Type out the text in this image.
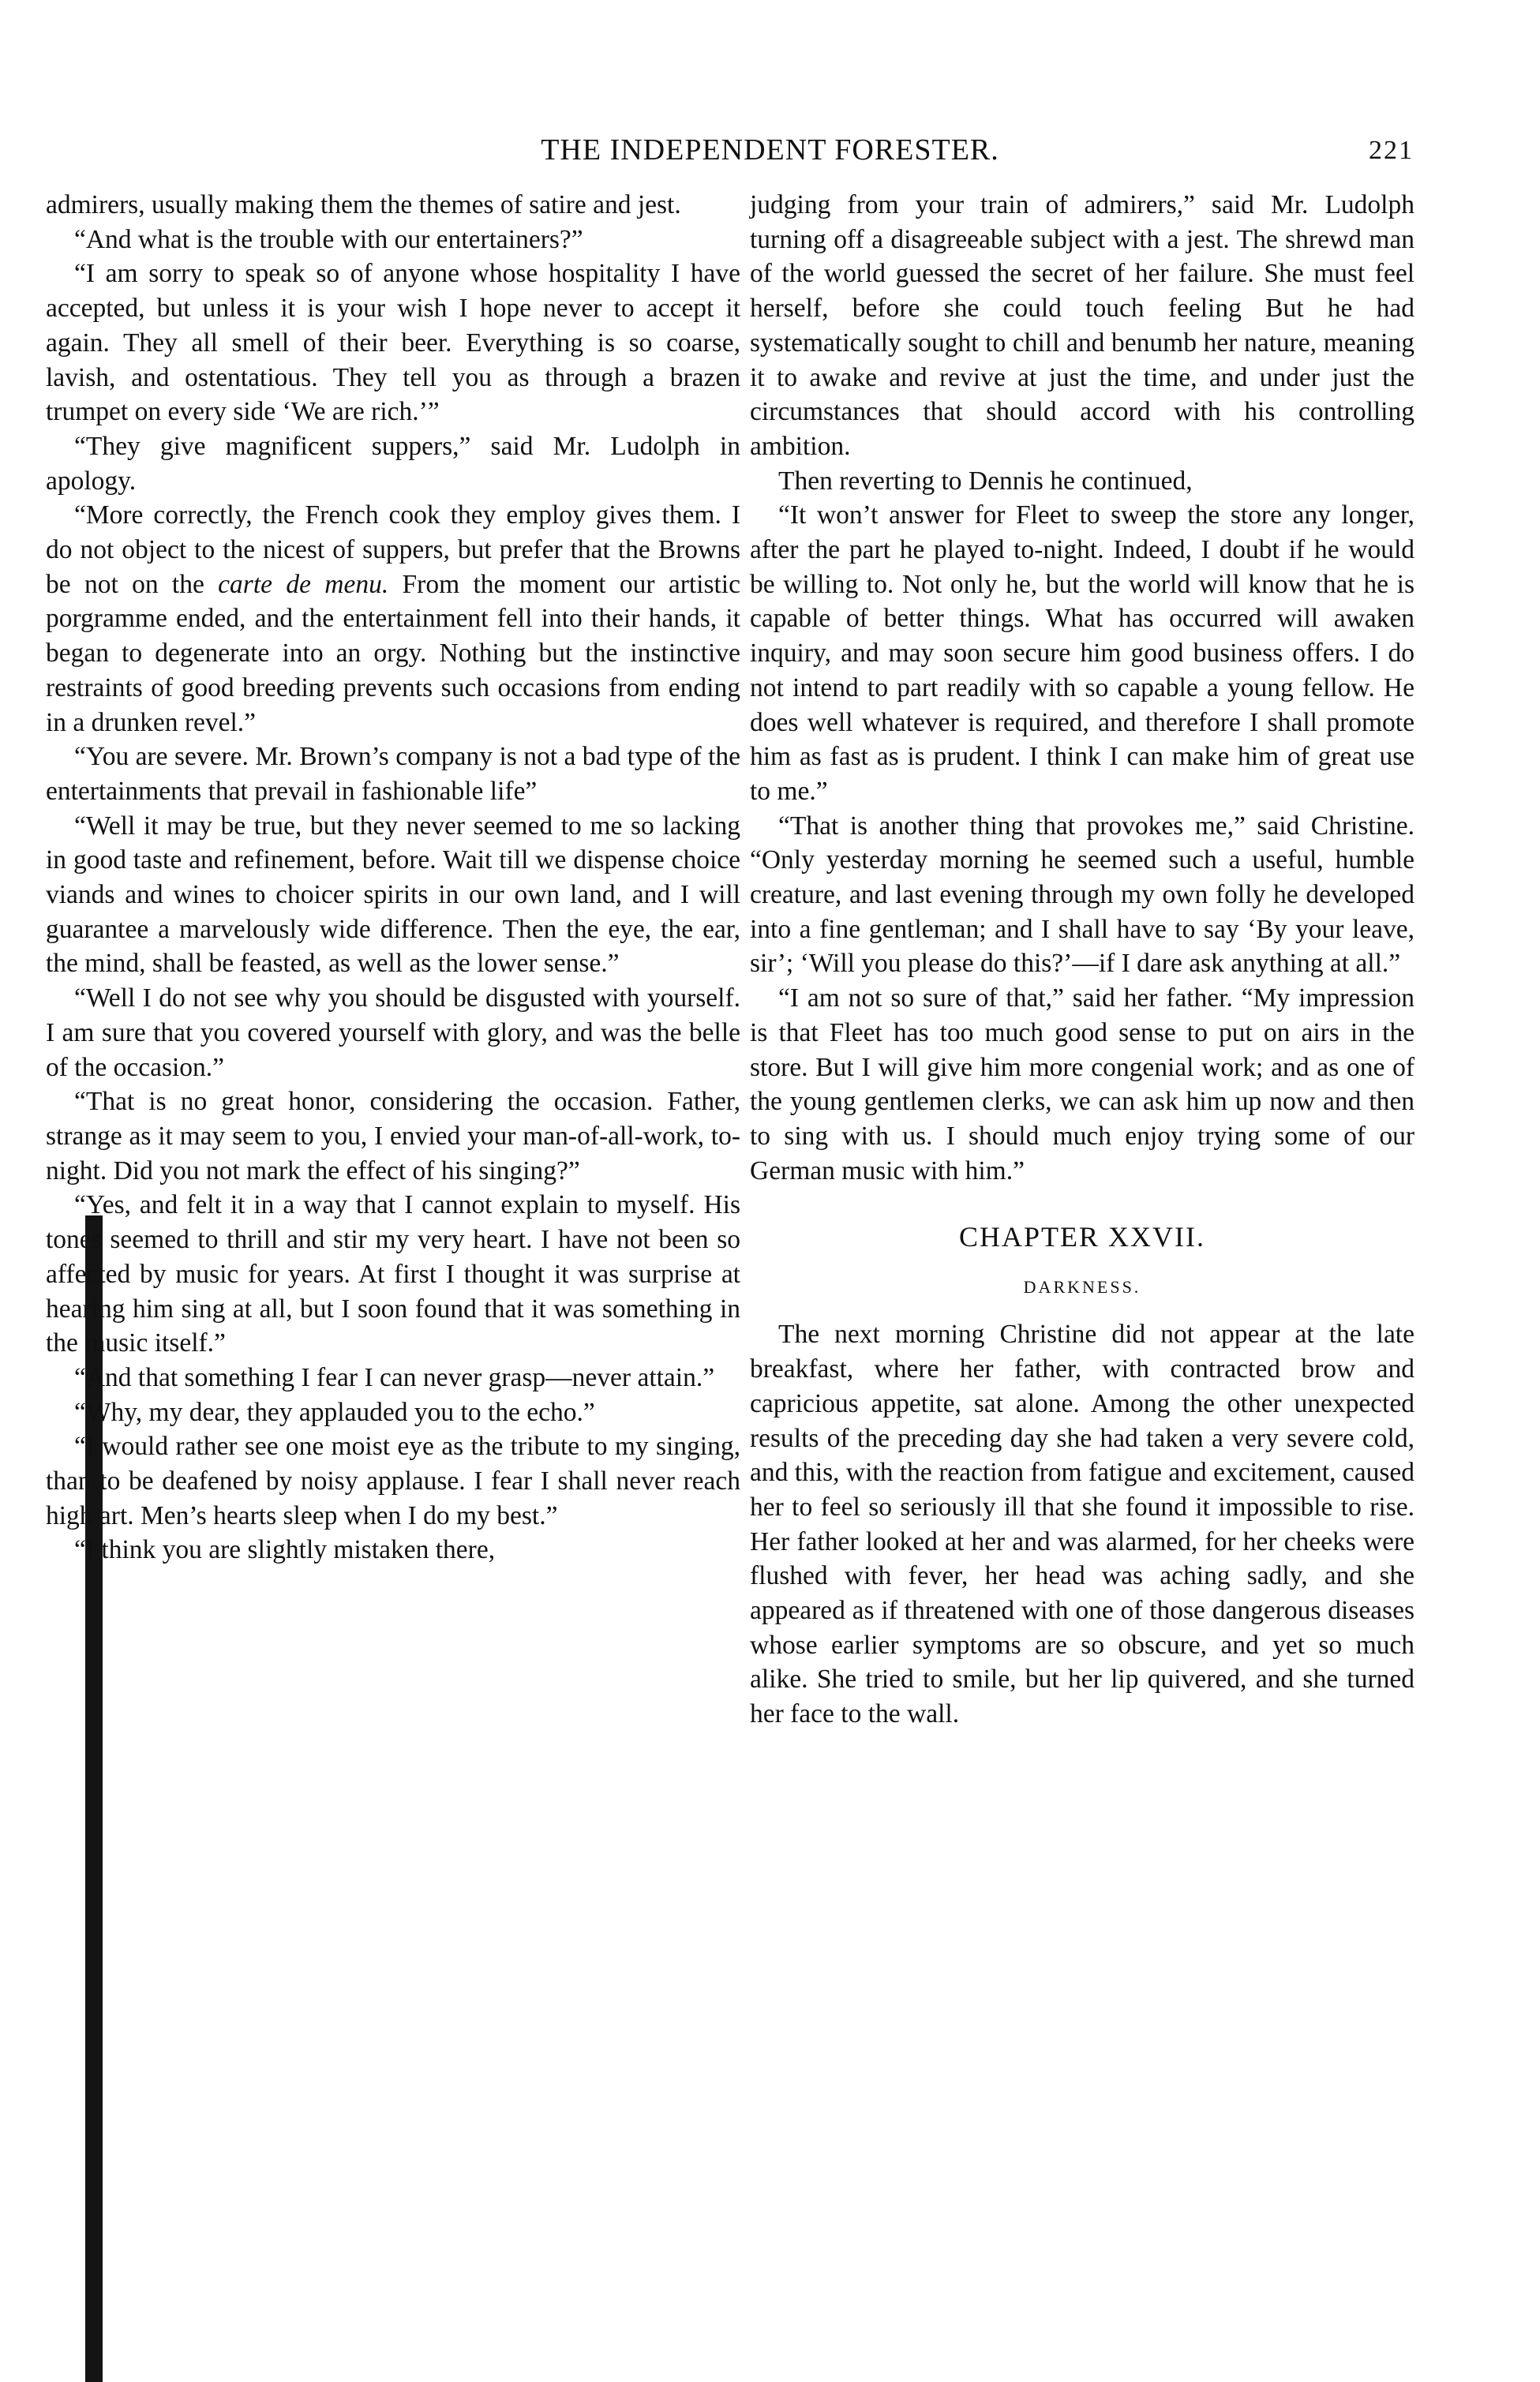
THE INDEPENDENT FORESTER.	221

admirers, usually making them the themes of satire and jest.

“And what is the trouble with our entertainers?”

“I am sorry to speak so of anyone whose hospitality I have accepted, but unless it is your wish I hope never to accept it again. They all smell of their beer. Everything is so coarse, lavish, and ostentatious. They tell you as through a brazen trumpet on every side ‘We are rich.’”

“They give magnificent suppers,” said Mr. Ludolph in apology.

“More correctly, the French cook they employ gives them. I do not object to the nicest of suppers, but prefer that the Browns be not on the carte de menu. From the moment our artistic porgramme ended, and the entertainment fell into their hands, it began to degenerate into an orgy. Nothing but the instinctive restraints of good breeding prevents such occasions from ending in a drunken revel.”

“You are severe. Mr. Brown’s company is not a bad type of the entertainments that prevail in fashionable life”

“Well it may be true, but they never seemed to me so lacking in good taste and refinement, before. Wait till we dispense choice viands and wines to choicer spirits in our own land, and I will guarantee a marvelously wide difference. Then the eye, the ear, the mind, shall be feasted, as well as the lower sense.”

“Well I do not see why you should be disgusted with yourself. I am sure that you covered yourself with glory, and was the belle of the occasion.”

“That is no great honor, considering the occasion. Father, strange as it may seem to you, I envied your man-of-all-work, to-night. Did you not mark the effect of his singing?”

“Yes, and felt it in a way that I cannot explain to myself. His tones seemed to thrill and stir my very heart. I have not been so affected by music for years. At first I thought it was surprise at hearing him sing at all, but I soon found that it was something in the music itself.”

“And that something I fear I can never grasp—never attain.”

“Why, my dear, they applauded you to the echo.”

“I would rather see one moist eye as the tribute to my singing, than to be deafened by noisy applause. I fear I shall never reach high art. Men’s hearts sleep when I do my best.”

“I think you are slightly mistaken there,

judging from your train of admirers,” said Mr. Ludolph turning off a disagreeable subject with a jest. The shrewd man of the world guessed the secret of her failure. She must feel herself, before she could touch feeling But he had systematically sought to chill and benumb her nature, meaning it to awake and revive at just the time, and under just the circumstances that should accord with his controlling ambition.

Then reverting to Dennis he continued,

“It won’t answer for Fleet to sweep the store any longer, after the part he played to-night. Indeed, I doubt if he would be willing to. Not only he, but the world will know that he is capable of better things. What has occurred will awaken inquiry, and may soon secure him good business offers. I do not intend to part readily with so capable a young fellow. He does well whatever is required, and therefore I shall promote him as fast as is prudent. I think I can make him of great use to me.”

“That is another thing that provokes me,” said Christine. “Only yesterday morning he seemed such a useful, humble creature, and last evening through my own folly he developed into a fine gentleman; and I shall have to say ‘By your leave, sir’; ‘Will you please do this?’—if I dare ask anything at all.”

“I am not so sure of that,” said her father. “My impression is that Fleet has too much good sense to put on airs in the store. But I will give him more congenial work; and as one of the young gentlemen clerks, we can ask him up now and then to sing with us. I should much enjoy trying some of our German music with him.”

CHAPTER XXVII.
DARKNESS.

The next morning Christine did not appear at the late breakfast, where her father, with contracted brow and capricious appetite, sat alone. Among the other unexpected results of the preceding day she had taken a very severe cold, and this, with the reaction from fatigue and excitement, caused her to feel so seriously ill that she found it impossible to rise. Her father looked at her and was alarmed, for her cheeks were flushed with fever, her head was aching sadly, and she appeared as if threatened with one of those dangerous diseases whose earlier symptoms are so obscure, and yet so much alike. She tried to smile, but her lip quivered, and she turned her face to the wall.
